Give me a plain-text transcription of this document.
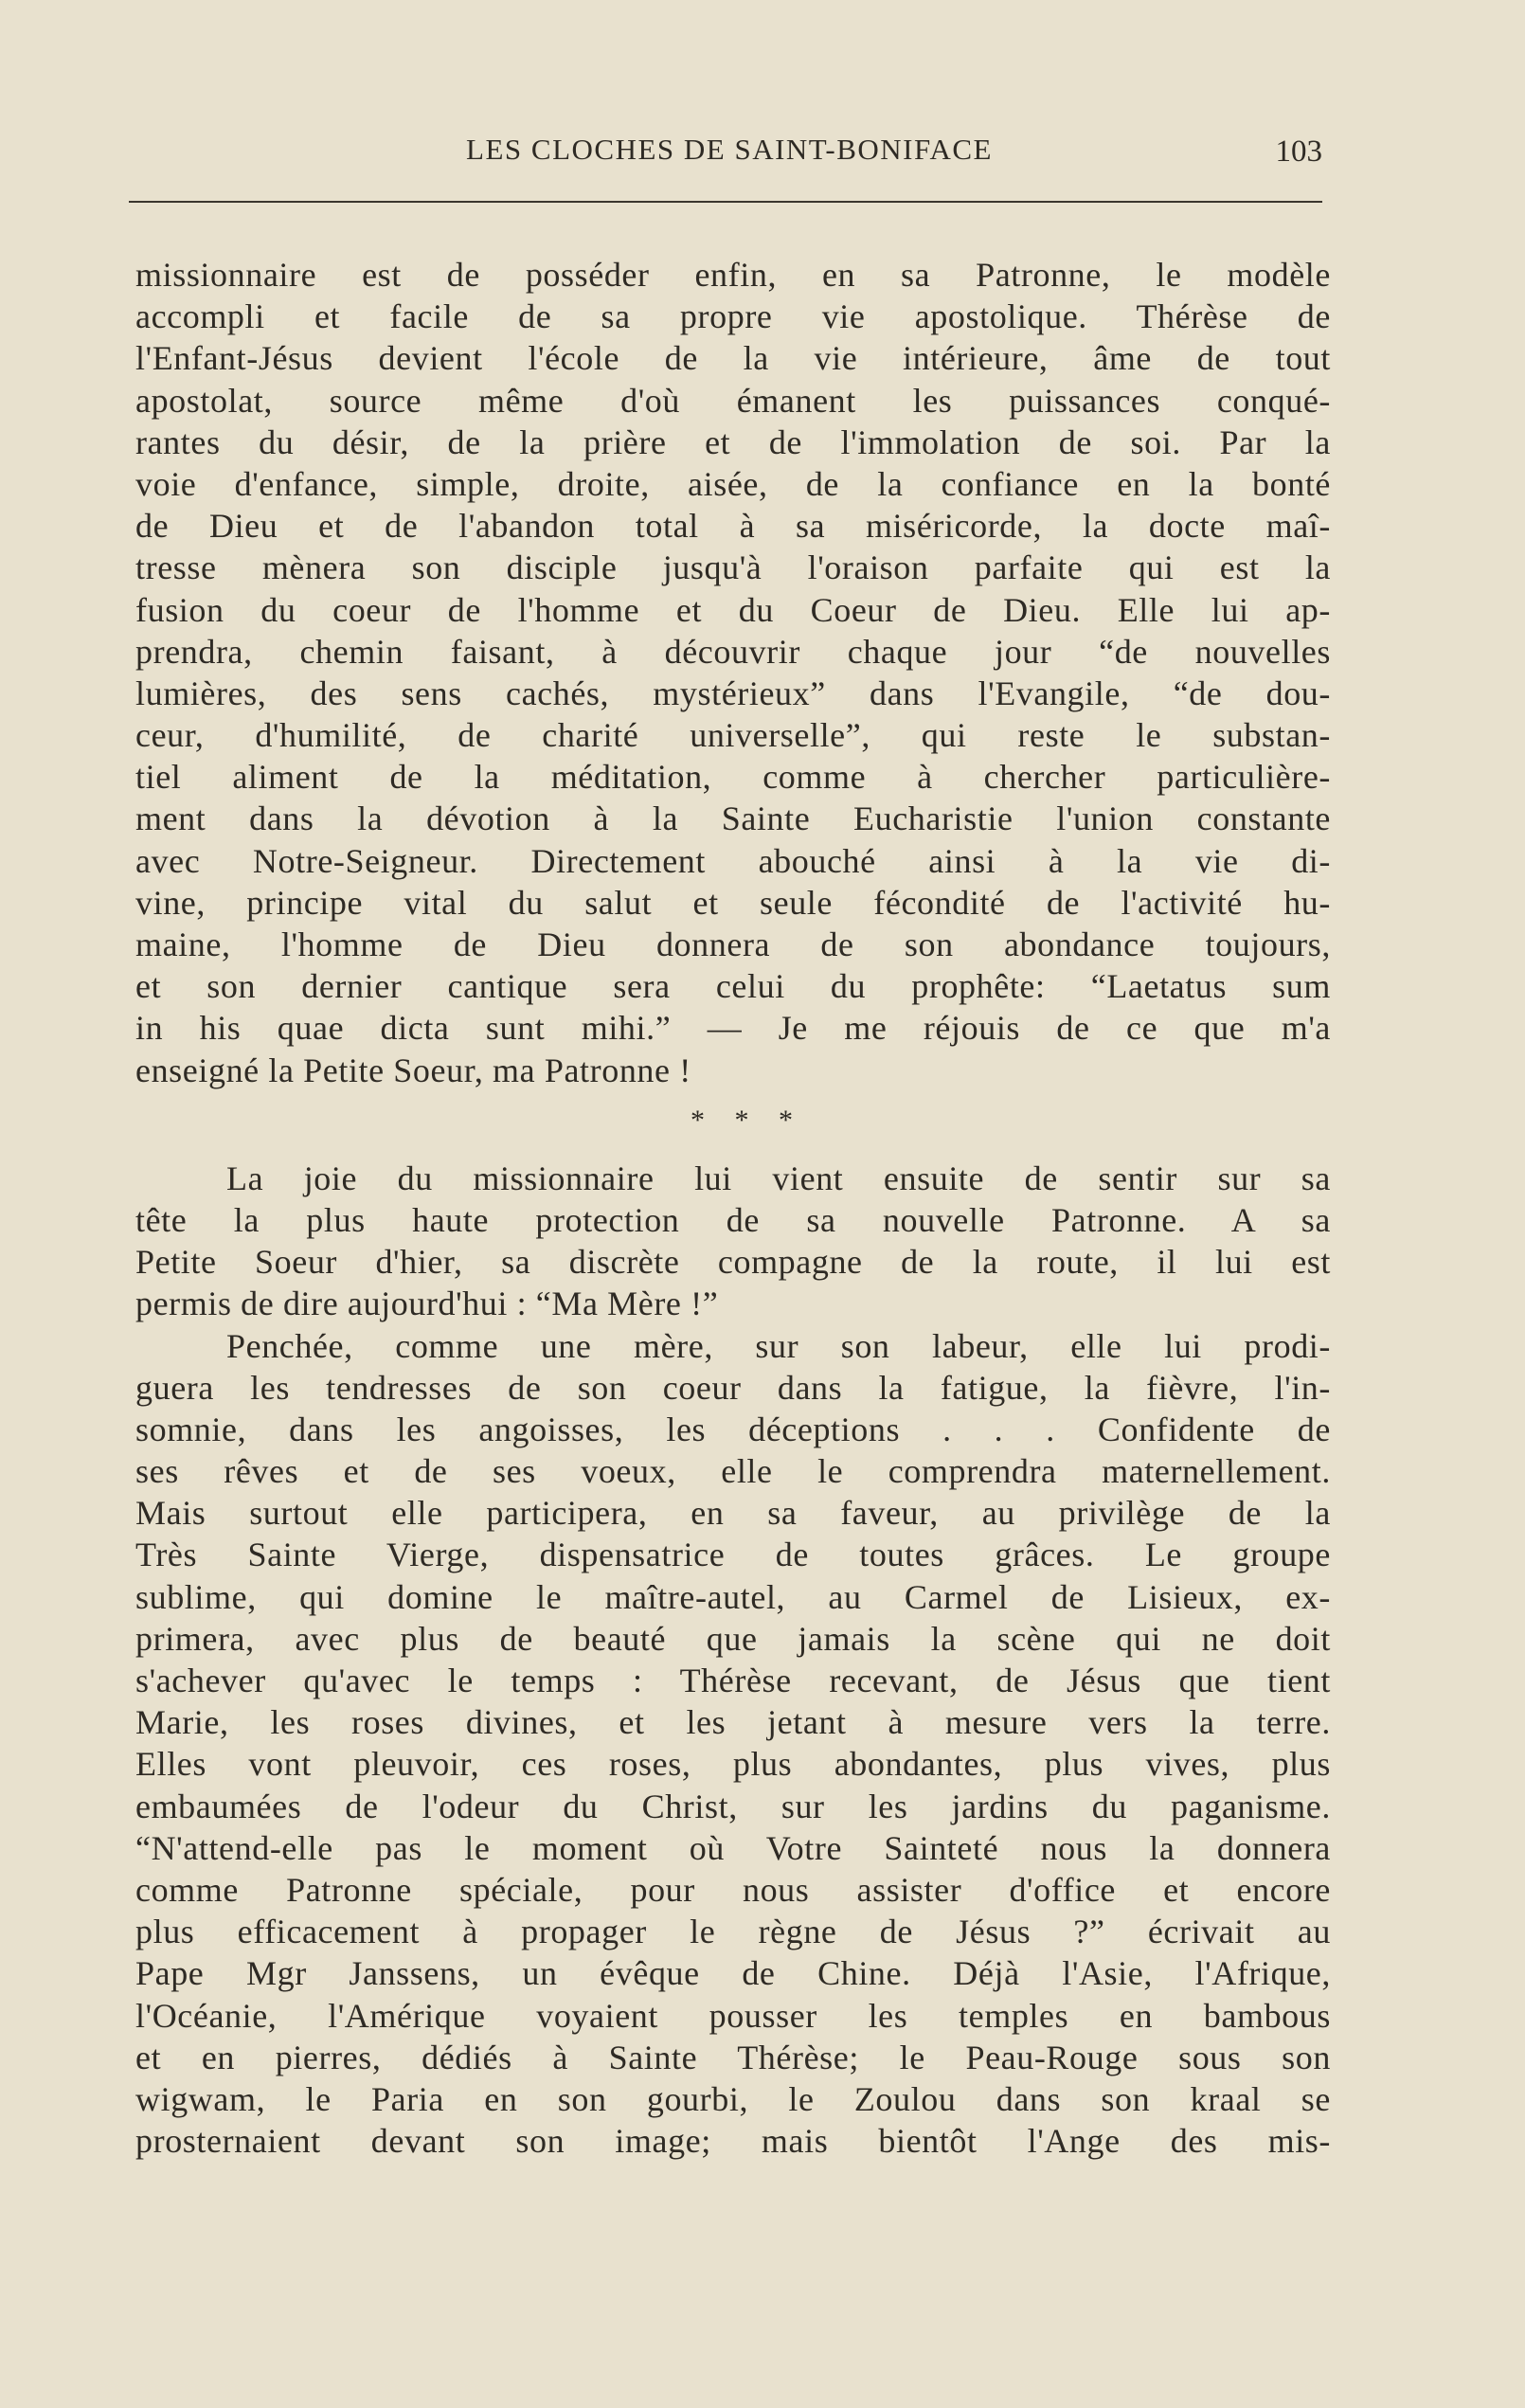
LES CLOCHES DE SAINT-BONIFACE	103
missionnaire est de posséder enfin, en sa Patronne, le modèle
accompli et facile de sa propre vie apostolique. Thérèse de
l'Enfant-Jésus devient l'école de la vie intérieure, âme de tout
apostolat, source même d'où émanent les puissances conqué-
rantes du désir, de la prière et de l'immolation de soi. Par la
voie d'enfance, simple, droite, aisée, de la confiance en la bonté
de Dieu et de l'abandon total à sa miséricorde, la docte maî-
tresse mènera son disciple jusqu'à l'oraison parfaite qui est la
fusion du coeur de l'homme et du Coeur de Dieu. Elle lui ap-
prendra, chemin faisant, à découvrir chaque jour “de nouvelles
lumières, des sens cachés, mystérieux” dans l'Evangile, “de dou-
ceur, d'humilité, de charité universelle”, qui reste le substan-
tiel aliment de la méditation, comme à chercher particulière-
ment dans la dévotion à la Sainte Eucharistie l'union constante
avec Notre-Seigneur. Directement abouché ainsi à la vie di-
vine, principe vital du salut et seule fécondité de l'activité hu-
maine, l'homme de Dieu donnera de son abondance toujours,
et son dernier cantique sera celui du prophête: “Laetatus sum
in his quae dicta sunt mihi.” — Je me réjouis de ce que m'a
enseigné la Petite Soeur, ma Patronne !
* * *
La joie du missionnaire lui vient ensuite de sentir sur sa
tête la plus haute protection de sa nouvelle Patronne. A sa
Petite Soeur d'hier, sa discrète compagne de la route, il lui est
permis de dire aujourd'hui : “Ma Mère !”
Penchée, comme une mère, sur son labeur, elle lui prodi-
guera les tendresses de son coeur dans la fatigue, la fièvre, l'in-
somnie, dans les angoisses, les déceptions . . . Confidente de
ses rêves et de ses voeux, elle le comprendra maternellement.
Mais surtout elle participera, en sa faveur, au privilège de la
Très Sainte Vierge, dispensatrice de toutes grâces. Le groupe
sublime, qui domine le maître-autel, au Carmel de Lisieux, ex-
primera, avec plus de beauté que jamais la scène qui ne doit
s'achever qu'avec le temps : Thérèse recevant, de Jésus que tient
Marie, les roses divines, et les jetant à mesure vers la terre.
Elles vont pleuvoir, ces roses, plus abondantes, plus vives, plus
embaumées de l'odeur du Christ, sur les jardins du paganisme.
“N'attend-elle pas le moment où Votre Sainteté nous la donnera
comme Patronne spéciale, pour nous assister d'office et encore
plus efficacement à propager le règne de Jésus ?” écrivait au
Pape Mgr Janssens, un évêque de Chine. Déjà l'Asie, l'Afrique,
l'Océanie, l'Amérique voyaient pousser les temples en bambous
et en pierres, dédiés à Sainte Thérèse; le Peau-Rouge sous son
wigwam, le Paria en son gourbi, le Zoulou dans son kraal se
prosternaient devant son image; mais bientôt l'Ange des mis-
